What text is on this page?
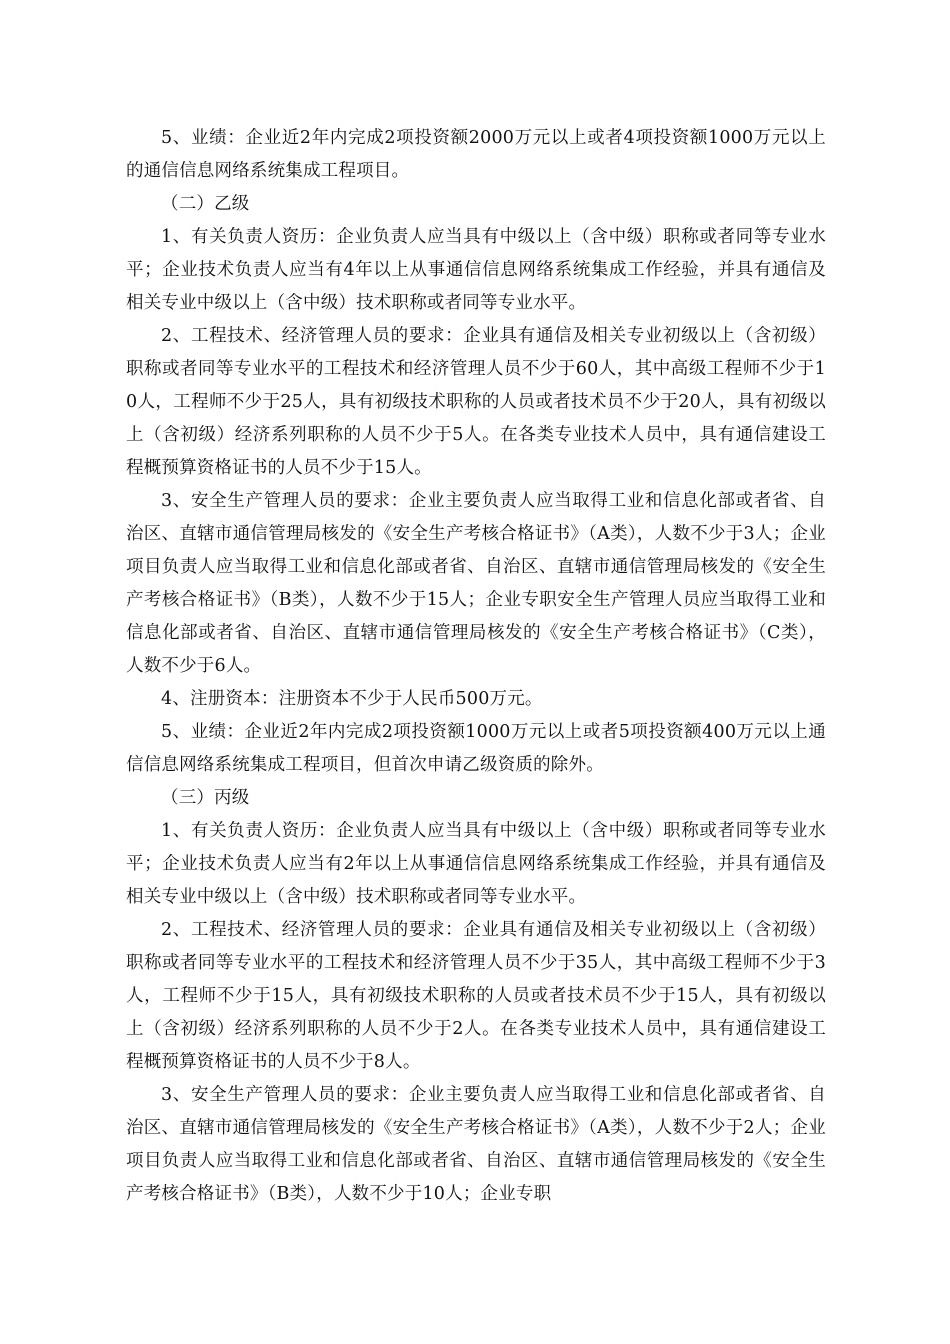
5、业绩：企业近2年内完成2项投资额2000万元以上或者4项投资额1000万元以上的通信信息网络系统集成工程项目。

（二）乙级

1、有关负责人资历：企业负责人应当具有中级以上（含中级）职称或者同等专业水平；企业技术负责人应当有4年以上从事通信信息网络系统集成工作经验，并具有通信及相关专业中级以上（含中级）技术职称或者同等专业水平。

2、工程技术、经济管理人员的要求：企业具有通信及相关专业初级以上（含初级）职称或者同等专业水平的工程技术和经济管理人员不少于60人，其中高级工程师不少于10人，工程师不少于25人，具有初级技术职称的人员或者技术员不少于20人，具有初级以上（含初级）经济系列职称的人员不少于5人。在各类专业技术人员中，具有通信建设工程概预算资格证书的人员不少于15人。

3、安全生产管理人员的要求：企业主要负责人应当取得工业和信息化部或者省、自治区、直辖市通信管理局核发的《安全生产考核合格证书》（A类），人数不少于3人；企业项目负责人应当取得工业和信息化部或者省、自治区、直辖市通信管理局核发的《安全生产考核合格证书》（B类），人数不少于15人；企业专职安全生产管理人员应当取得工业和信息化部或者省、自治区、直辖市通信管理局核发的《安全生产考核合格证书》（C类），人数不少于6人。

4、注册资本：注册资本不少于人民币500万元。

5、业绩：企业近2年内完成2项投资额1000万元以上或者5项投资额400万元以上通信信息网络系统集成工程项目，但首次申请乙级资质的除外。

（三）丙级

1、有关负责人资历：企业负责人应当具有中级以上（含中级）职称或者同等专业水平；企业技术负责人应当有2年以上从事通信信息网络系统集成工作经验，并具有通信及相关专业中级以上（含中级）技术职称或者同等专业水平。

2、工程技术、经济管理人员的要求：企业具有通信及相关专业初级以上（含初级）职称或者同等专业水平的工程技术和经济管理人员不少于35人，其中高级工程师不少于3人，工程师不少于15人，具有初级技术职称的人员或者技术员不少于15人，具有初级以上（含初级）经济系列职称的人员不少于2人。在各类专业技术人员中，具有通信建设工程概预算资格证书的人员不少于8人。

3、安全生产管理人员的要求：企业主要负责人应当取得工业和信息化部或者省、自治区、直辖市通信管理局核发的《安全生产考核合格证书》（A类），人数不少于2人；企业项目负责人应当取得工业和信息化部或者省、自治区、直辖市通信管理局核发的《安全生产考核合格证书》（B类），人数不少于10人；企业专职
